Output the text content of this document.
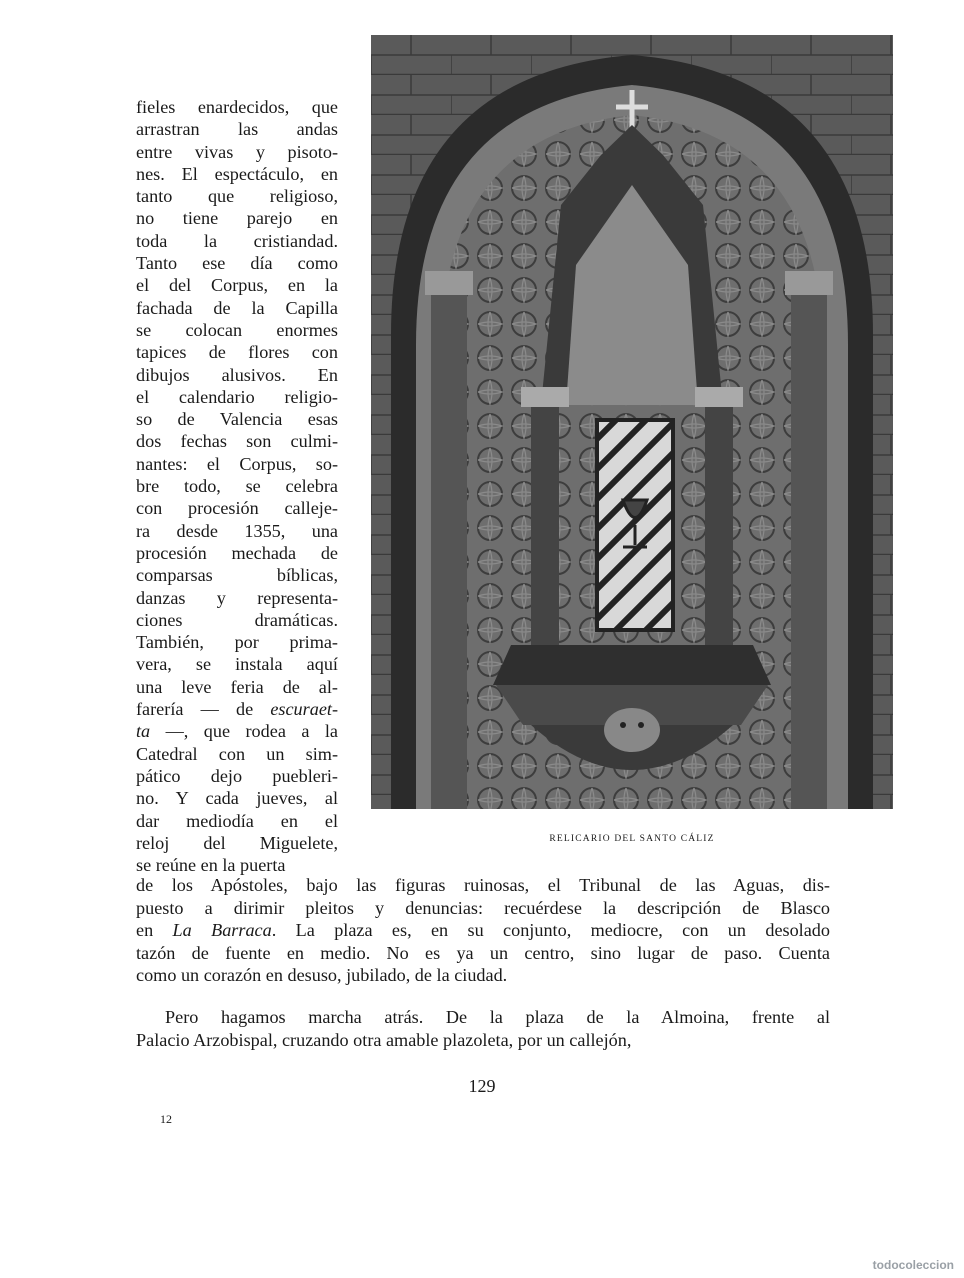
fieles enardecidos, que
arrastran las andas
entre vivas y pisoto-
nes. El espectáculo, en
tanto que religioso,
no tiene parejo en
toda la cristiandad.
Tanto ese día como
el del Corpus, en la
fachada de la Capilla
se colocan enormes
tapices de flores con
dibujos alusivos. En
el calendario religio-
so de Valencia esas
dos fechas son culmi-
nantes: el Corpus, so-
bre todo, se celebra
con procesión calleje-
ra desde 1355, una
procesión mechada de
comparsas bíblicas,
danzas y representa-
ciones dramáticas.
También, por prima-
vera, se instala aquí
una leve feria de al-
farería — de escuraet-
ta —, que rodea a la
Catedral con un sim-
pático dejo puebleri-
no. Y cada jueves, al
dar mediodía en el
reloj del Miguelete,
se reúne en la puerta
RELICARIO DEL SANTO CÁLIZ
de los Apóstoles, bajo las figuras ruinosas, el Tribunal de las Aguas, dis-
puesto a dirimir pleitos y denuncias: recuérdese la descripción de Blasco
en La Barraca. La plaza es, en su conjunto, mediocre, con un desolado
tazón de fuente en medio. No es ya un centro, sino lugar de paso. Cuenta
como un corazón en desuso, jubilado, de la ciudad.
Pero hagamos marcha atrás. De la plaza de la Almoina, frente al
Palacio Arzobispal, cruzando otra amable plazoleta, por un callejón,
129
12
todocoleccion
